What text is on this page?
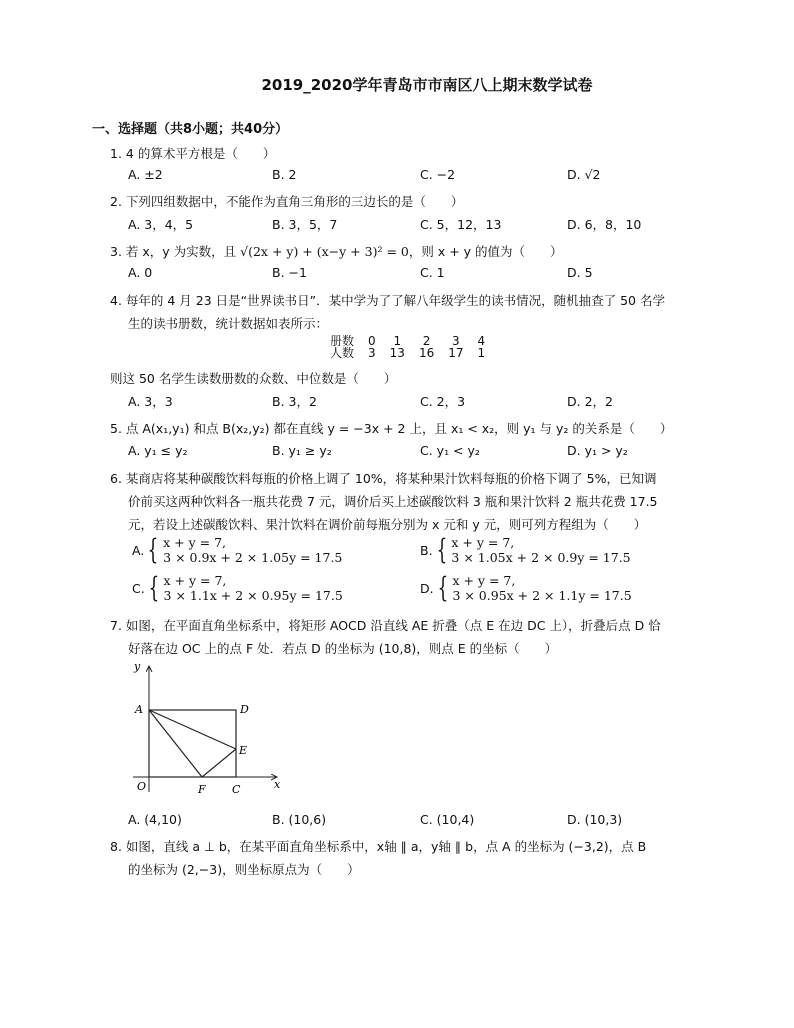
2019_2020学年青岛市市南区八上期末数学试卷
一、选择题（共8小题；共40分）
1. 4 的算术平方根是（　　）
A. ±2	B. 2	C. −2	D. √2
2. 下列四组数据中，不能作为直角三角形的三边长的是（　　）
A. 3，4，5	B. 3，5，7	C. 5，12，13	D. 6，8，10
3. 若 x，y 为实数，且 √(2x + y) + (x−y + 3)² = 0，则 x + y 的值为（　　）
A. 0	B. −1	C. 1	D. 5
4. 每年的 4 月 23 日是“世界读书日”．某中学为了了解八年级学生的读书情况，随机抽查了 50 名学
生的读书册数，统计数据如表所示：
册数	0	1	2	3	4
人数	3	13	16	17	1
则这 50 名学生读数册数的众数、中位数是（　　）
A. 3，3	B. 3，2	C. 2，3	D. 2，2
5. 点 A(x₁,y₁) 和点 B(x₂,y₂) 都在直线 y = −3x + 2 上，且 x₁ < x₂，则 y₁ 与 y₂ 的关系是（　　）
A. y₁ ≤ y₂	B. y₁ ≥ y₂	C. y₁ < y₂	D. y₁ > y₂
6. 某商店将某种碳酸饮料每瓶的价格上调了 10%，将某种果汁饮料每瓶的价格下调了 5%，已知调
价前买这两种饮料各一瓶共花费 7 元，调价后买上述碳酸饮料 3 瓶和果汁饮料 2 瓶共花费 17.5
元，若设上述碳酸饮料、果汁饮料在调价前每瓶分别为 x 元和 y 元，则可列方程组为（　　）
A. { x + y = 7,
3 × 0.9x + 2 × 1.05y = 17.5	B. { x + y = 7,
3 × 1.05x + 2 × 0.9y = 17.5
C. { x + y = 7,
3 × 1.1x + 2 × 0.95y = 17.5	D. { x + y = 7,
3 × 0.95x + 2 × 1.1y = 17.5
7. 如图，在平面直角坐标系中，将矩形 AOCD 沿直线 AE 折叠（点 E 在边 DC 上），折叠后点 D 恰
好落在边 OC 上的点 F 处．若点 D 的坐标为 (10,8)，则点 E 的坐标（　　）
y
x
A	D
E
O	F C
A. (4,10)	B. (10,6)	C. (10,4)	D. (10,3)
8. 如图，直线 a ⊥ b，在某平面直角坐标系中，x轴 ∥ a，y轴 ∥ b，点 A 的坐标为 (−3,2)，点 B
的坐标为 (2,−3)，则坐标原点为（　　）
